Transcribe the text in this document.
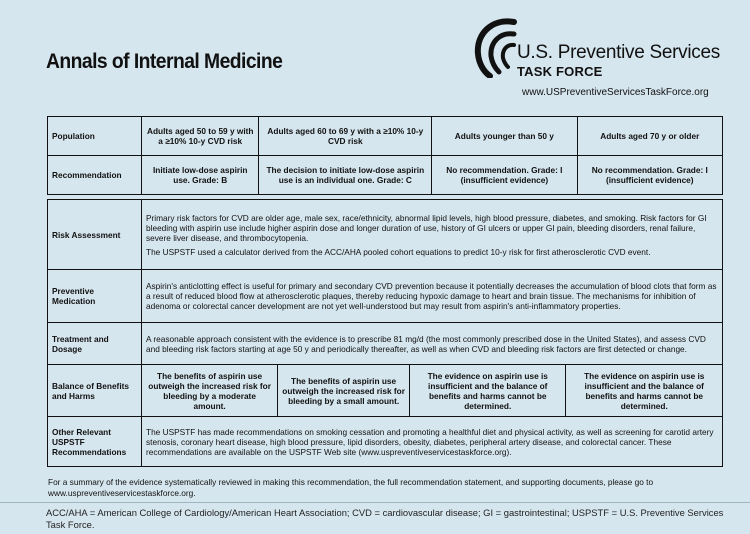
Annals of Internal Medicine	U.S. Preventive Services
TASK FORCE
www.USPreventiveServicesTaskForce.org
Population	Adults aged 50 to 59 y with a ≥10% 10-y CVD risk	Adults aged 60 to 69 y with a ≥10% 10-y CVD risk	Adults younger than 50 y	Adults aged 70 y or older
Recommendation	Initiate low-dose aspirin use. Grade: B	The decision to initiate low-dose aspirin use is an individual one. Grade: C	No recommendation. Grade: I (insufficient evidence)	No recommendation. Grade: I (insufficient evidence)
Risk Assessment	Primary risk factors for CVD are older age, male sex, race/ethnicity, abnormal lipid levels, high blood pressure, diabetes, and smoking. Risk factors for GI bleeding with aspirin use include higher aspirin dose and longer duration of use, history of GI ulcers or upper GI pain, bleeding disorders, renal failure, severe liver disease, and thrombocytopenia.

The USPSTF used a calculator derived from the ACC/AHA pooled cohort equations to predict 10-y risk for first atherosclerotic CVD event.			

Preventive Medication	Aspirin's anticlotting effect is useful for primary and secondary CVD prevention because it potentially decreases the accumulation of blood clots that form as a result of reduced blood flow at atherosclerotic plaques, thereby reducing hypoxic damage to heart and brain tissue. The mechanisms for inhibition of adenoma or colorectal cancer development are not yet well-understood but may result from aspirin's anti-inflammatory properties.			
Treatment and Dosage	A reasonable approach consistent with the evidence is to prescribe 81 mg/d (the most commonly prescribed dose in the United States), and assess CVD and bleeding risk factors starting at age 50 y and periodically thereafter, as well as when CVD and bleeding risk factors are first detected or change.			
Balance of Benefits and Harms	The benefits of aspirin use outweigh the increased risk for bleeding by a moderate amount.	The benefits of aspirin use outweigh the increased risk for bleeding by a small amount.	The evidence on aspirin use is insufficient and the balance of benefits and harms cannot be determined.	The evidence on aspirin use is insufficient and the balance of benefits and harms cannot be determined.
Other Relevant USPSTF Recommendations	The USPSTF has made recommendations on smoking cessation and promoting a healthful diet and physical activity, as well as screening for carotid artery stenosis, coronary heart disease, high blood pressure, lipid disorders, obesity, diabetes, peripheral artery disease, and colorectal cancer. These recommendations are available on the USPSTF Web site (www.uspreventiveservicestaskforce.org).			
For a summary of the evidence systematically reviewed in making this recommendation, the full recommendation statement, and supporting documents, please go to www.uspreventiveservicestaskforce.org.
ACC/AHA = American College of Cardiology/American Heart Association; CVD = cardiovascular disease; GI = gastrointestinal; USPSTF = U.S. Preventive Services Task Force.
